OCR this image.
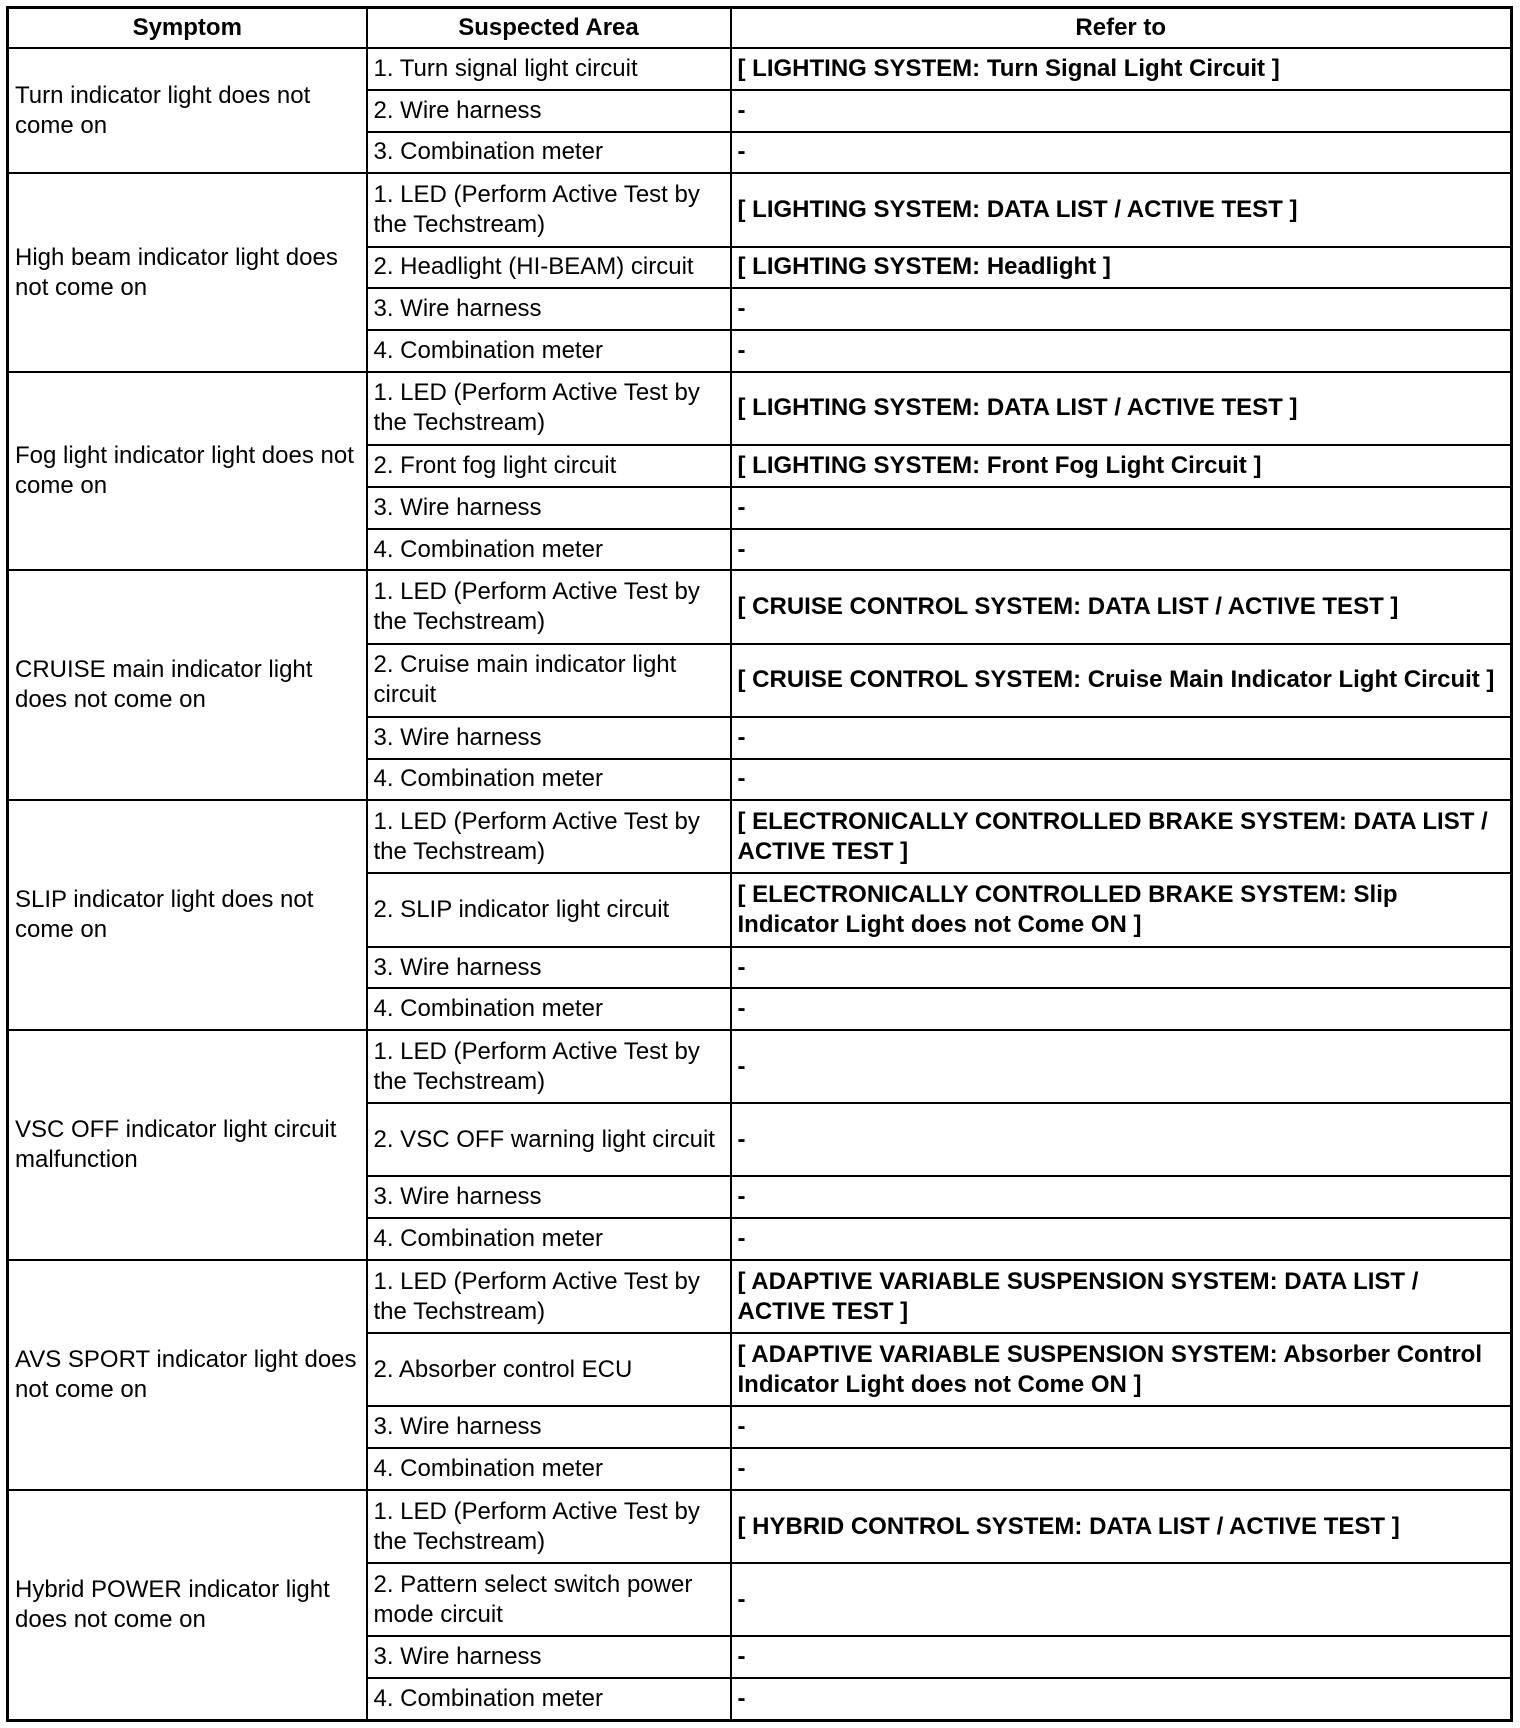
Symptom	Suspected Area	Refer to
Turn indicator light does not come on	1. Turn signal light circuit	[ LIGHTING SYSTEM: Turn Signal Light Circuit ]
	2. Wire harness	-
	3. Combination meter	-
High beam indicator light does not come on	1. LED (Perform Active Test by the Techstream)	[ LIGHTING SYSTEM: DATA LIST / ACTIVE TEST ]
	2. Headlight (HI-BEAM) circuit	[ LIGHTING SYSTEM: Headlight ]
	3. Wire harness	-
	4. Combination meter	-
Fog light indicator light does not come on	1. LED (Perform Active Test by the Techstream)	[ LIGHTING SYSTEM: DATA LIST / ACTIVE TEST ]
	2. Front fog light circuit	[ LIGHTING SYSTEM: Front Fog Light Circuit ]
	3. Wire harness	-
	4. Combination meter	-
CRUISE main indicator light does not come on	1. LED (Perform Active Test by the Techstream)	[ CRUISE CONTROL SYSTEM: DATA LIST / ACTIVE TEST ]
	2. Cruise main indicator light circuit	[ CRUISE CONTROL SYSTEM: Cruise Main Indicator Light Circuit ]
	3. Wire harness	-
	4. Combination meter	-
SLIP indicator light does not come on	1. LED (Perform Active Test by the Techstream)	[ ELECTRONICALLY CONTROLLED BRAKE SYSTEM: DATA LIST / ACTIVE TEST ]
	2. SLIP indicator light circuit	[ ELECTRONICALLY CONTROLLED BRAKE SYSTEM: Slip Indicator Light does not Come ON ]
	3. Wire harness	-
	4. Combination meter	-
VSC OFF indicator light circuit malfunction	1. LED (Perform Active Test by the Techstream)	-
	2. VSC OFF warning light circuit	-
	3. Wire harness	-
	4. Combination meter	-
AVS SPORT indicator light does not come on	1. LED (Perform Active Test by the Techstream)	[ ADAPTIVE VARIABLE SUSPENSION SYSTEM: DATA LIST / ACTIVE TEST ]
	2. Absorber control ECU	[ ADAPTIVE VARIABLE SUSPENSION SYSTEM: Absorber Control Indicator Light does not Come ON ]
	3. Wire harness	-
	4. Combination meter	-
Hybrid POWER indicator light does not come on	1. LED (Perform Active Test by the Techstream)	[ HYBRID CONTROL SYSTEM: DATA LIST / ACTIVE TEST ]
	2. Pattern select switch power mode circuit	-
	3. Wire harness	-
	4. Combination meter	-
